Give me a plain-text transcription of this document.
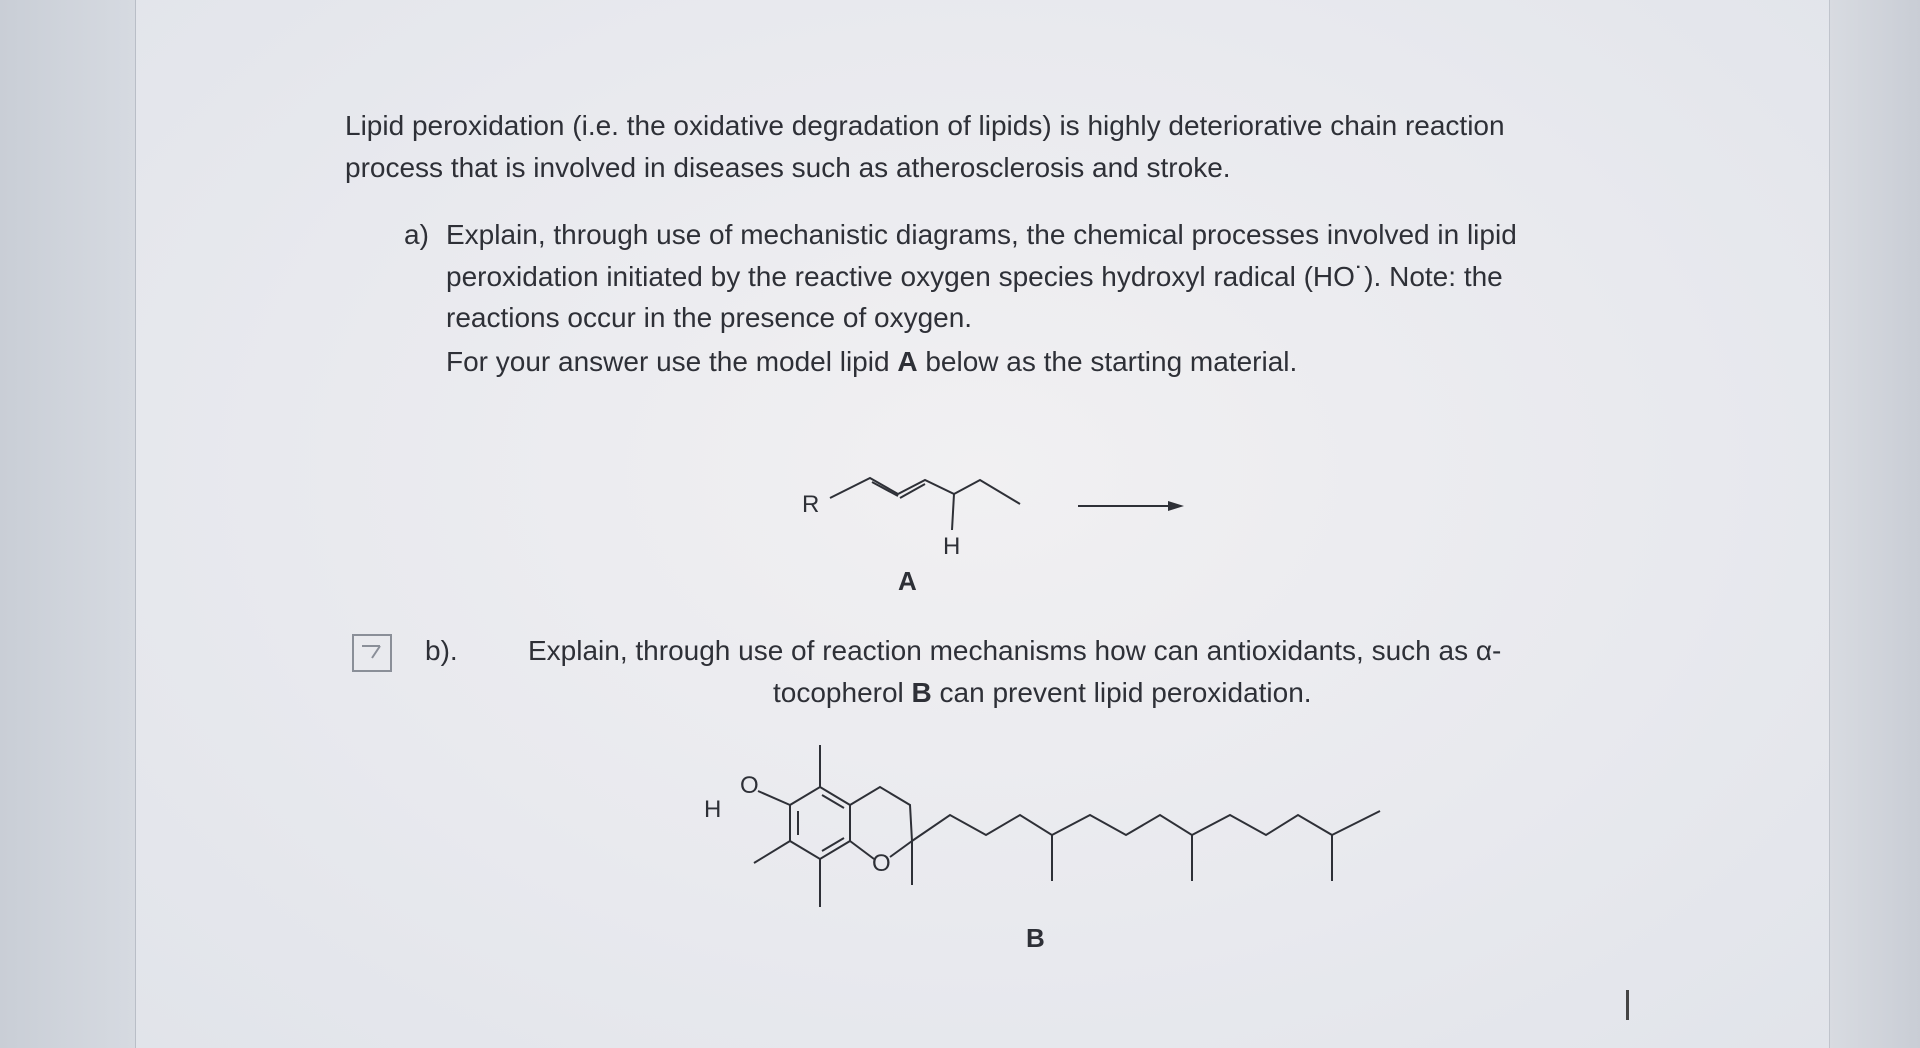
Lipid peroxidation (i.e. the oxidative degradation of lipids) is highly deteriorative chain reaction
process that is involved in diseases such as atherosclerosis and stroke.
a) Explain, through use of mechanistic diagrams, the chemical processes involved in lipid
peroxidation initiated by the reactive oxygen species hydroxyl radical (HO˙). Note: the
reactions occur in the presence of oxygen.
For your answer use the model lipid A below as the starting material.
R
H
A
b).	Explain, through use of reaction mechanisms how can antioxidants, such as α-
tocopherol B can prevent lipid peroxidation.
H
O
O
B
